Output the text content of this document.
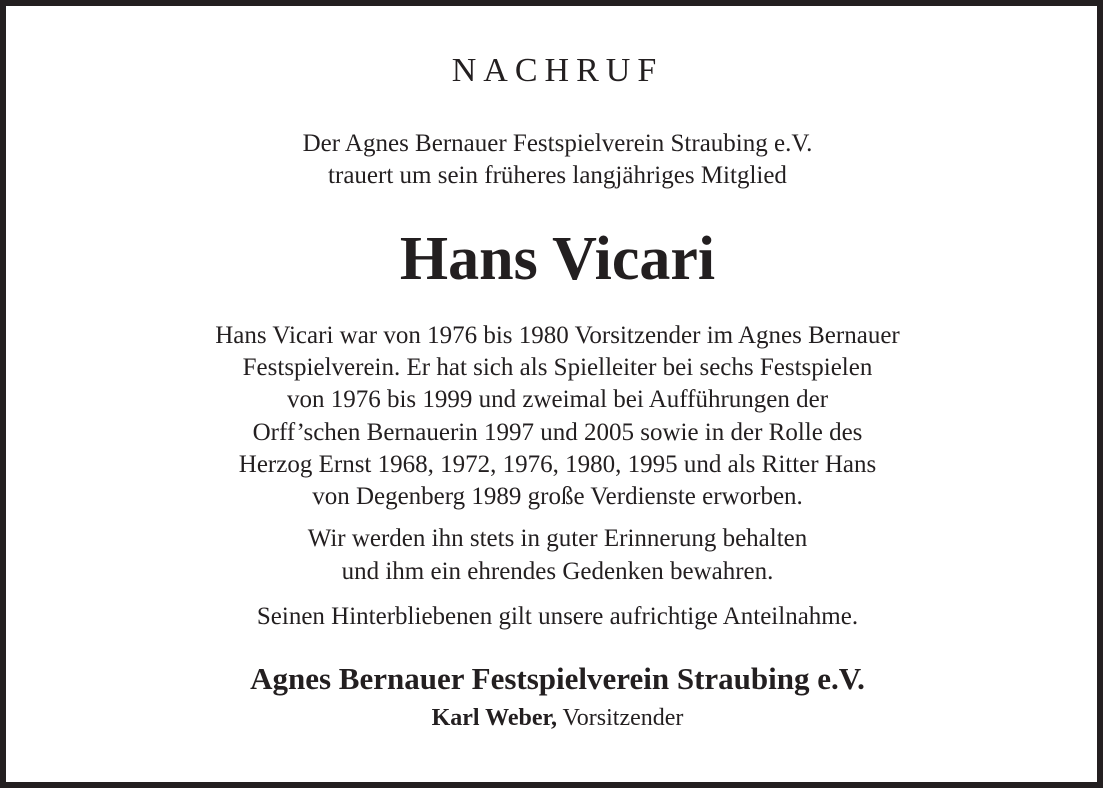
NACHRUF
Der Agnes Bernauer Festspielverein Straubing e.V.
trauert um sein früheres langjähriges Mitglied
Hans Vicari
Hans Vicari war von 1976 bis 1980 Vorsitzender im Agnes Bernauer
Festspielverein. Er hat sich als Spielleiter bei sechs Festspielen
von 1976 bis 1999 und zweimal bei Aufführungen der
Orff’schen Bernauerin 1997 und 2005 sowie in der Rolle des
Herzog Ernst 1968, 1972, 1976, 1980, 1995 und als Ritter Hans
von Degenberg 1989 große Verdienste erworben.
Wir werden ihn stets in guter Erinnerung behalten
und ihm ein ehrendes Gedenken bewahren.
Seinen Hinterbliebenen gilt unsere aufrichtige Anteilnahme.
Agnes Bernauer Festspielverein Straubing e.V.
Karl Weber, Vorsitzender
